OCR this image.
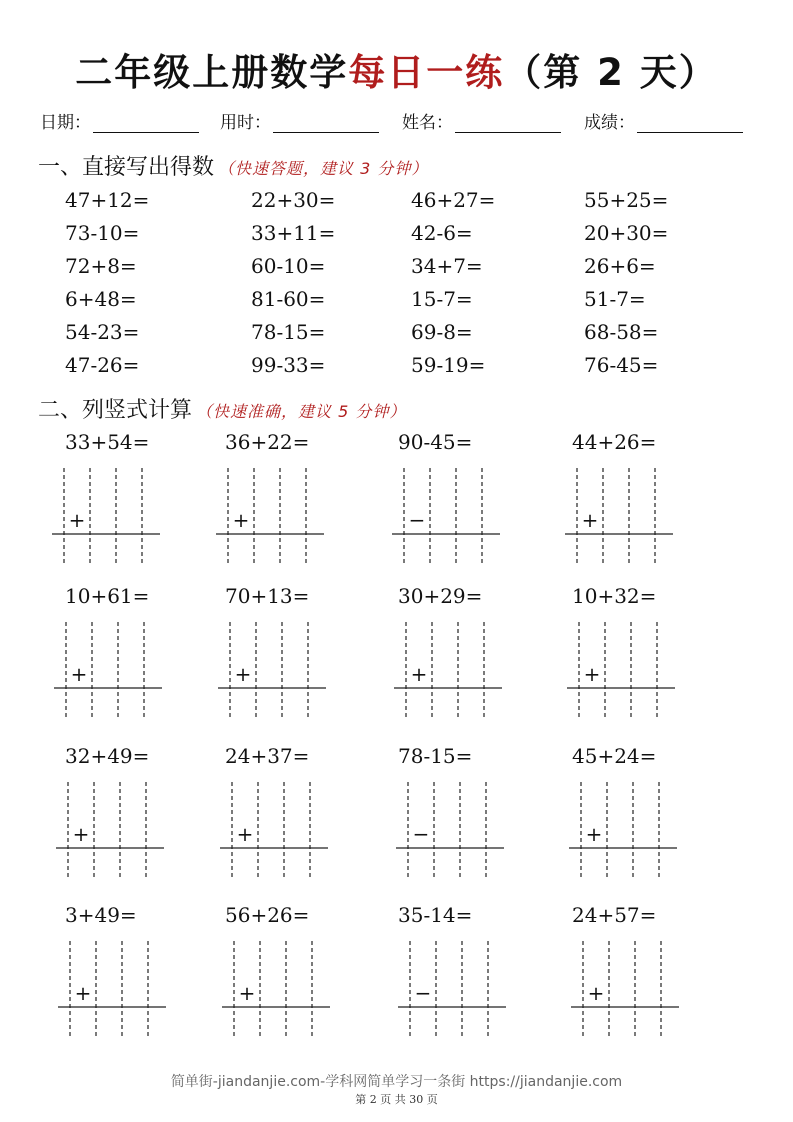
二年级上册数学每日一练（第 2 天）
日期：	用时：	姓名：	成绩：
一、直接写出得数 （快速答题，建议 3 分钟）
47+12=	22+30=	46+27=	55+25=
73-10=	33+11=	42-6=	20+30=
72+8=	60-10=	34+7=	26+6=
6+48=	81-60=	15-7=	51-7=
54-23=	78-15=	69-8=	68-58=
47-26=	99-33=	59-19=	76-45=
二、列竖式计算 （快速准确，建议 5 分钟）
33+54=
+
36+22=
+
90-45=
−
44+26=
+
10+61=
+
70+13=
+
30+29=
+
10+32=
+
32+49=
+
24+37=
+
78-15=
−
45+24=
+
3+49=
+
56+26=
+
35-14=
−
24+57=
+
简单街-jiandanjie.com-学科网简单学习一条街 https://jiandanjie.com
第 2 页 共 30 页
